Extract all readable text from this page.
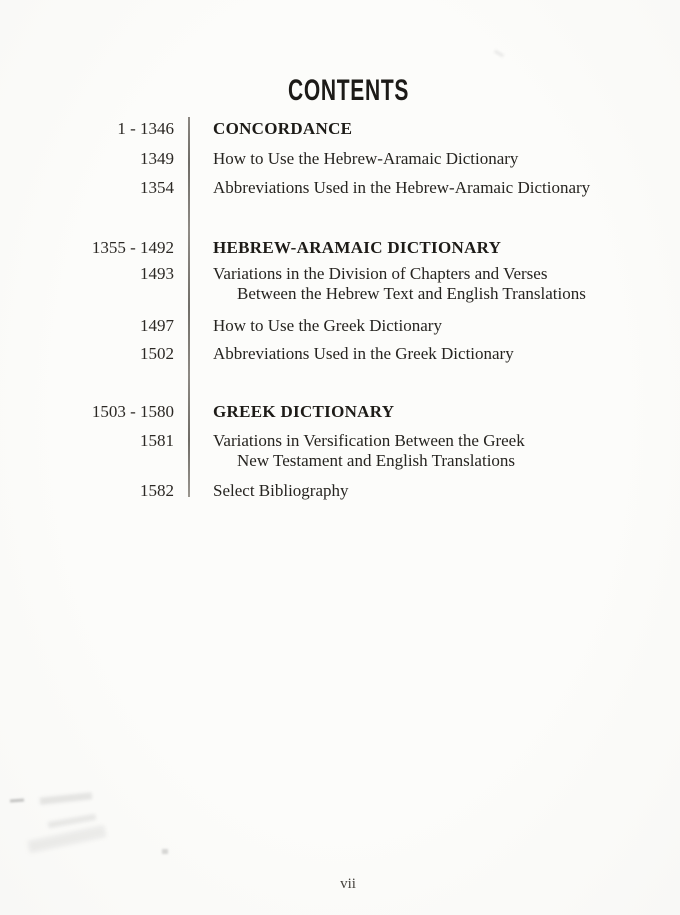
CONTENTS
1 - 1346 CONCORDANCE
1349 How to Use the Hebrew-Aramaic Dictionary
1354 Abbreviations Used in the Hebrew-Aramaic Dictionary
1355 - 1492 HEBREW-ARAMAIC DICTIONARY
1493 Variations in the Division of Chapters and Verses
Between the Hebrew Text and English Translations
1497 How to Use the Greek Dictionary
1502 Abbreviations Used in the Greek Dictionary
1503 - 1580 GREEK DICTIONARY
1581 Variations in Versification Between the Greek
New Testament and English Translations
1582 Select Bibliography
vii
